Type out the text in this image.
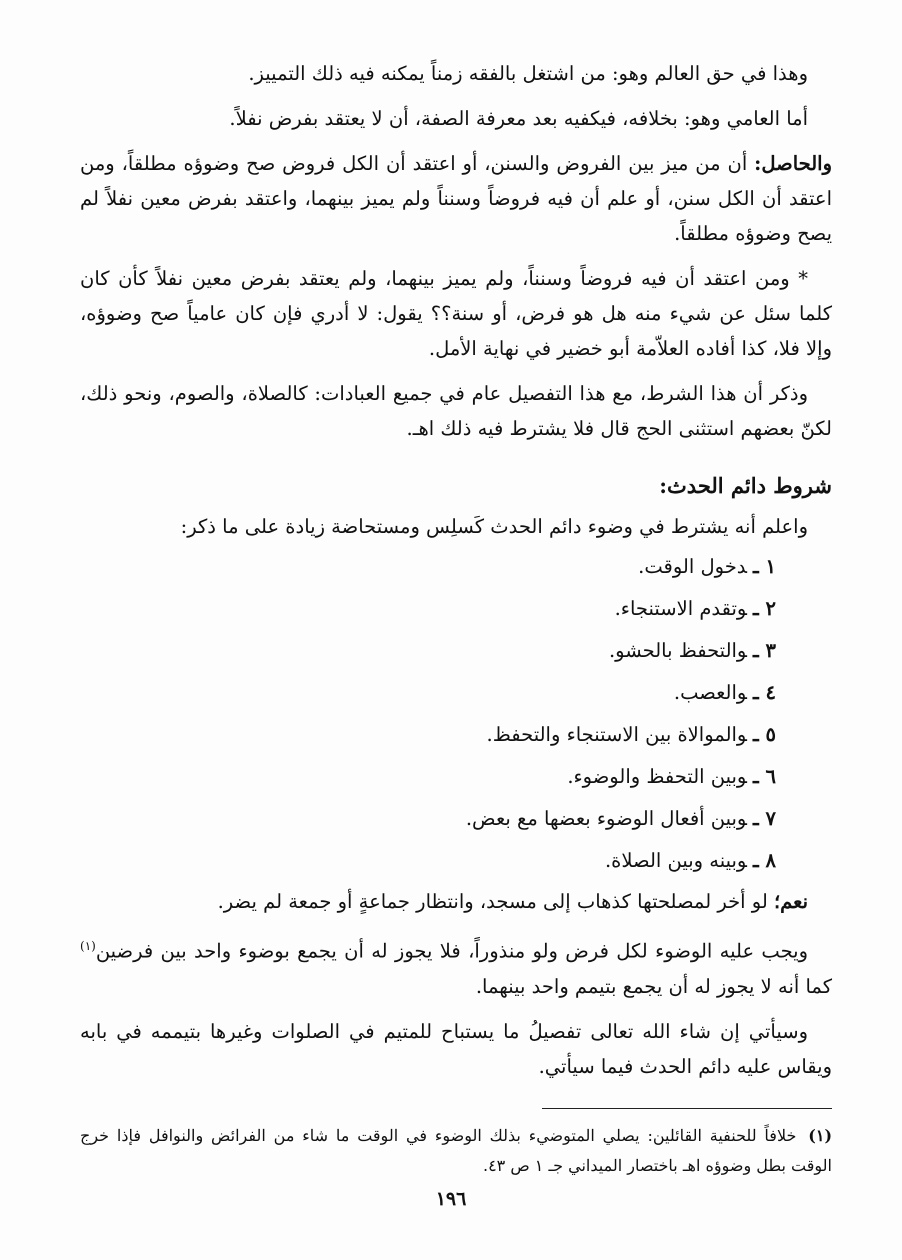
وهذا في حق العالم وهو: من اشتغل بالفقه زمناً يمكنه فيه ذلك التمييز.

أما العامي وهو: بخلافه، فيكفيه بعد معرفة الصفة، أن لا يعتقد بفرض نفلاً.

والحاصل: أن من ميز بين الفروض والسنن، أو اعتقد أن الكل فروض صح وضوؤه مطلقاً، ومن اعتقد أن الكل سنن، أو علم أن فيه فروضاً وسنناً ولم يميز بينهما، واعتقد بفرض معين نفلاً لم يصح وضوؤه مطلقاً.

* ومن اعتقد أن فيه فروضاً وسنناً، ولم يميز بينهما، ولم يعتقد بفرض معين نفلاً كأن كان كلما سئل عن شيء منه هل هو فرض، أو سنة؟؟ يقول: لا أدري فإن كان عامياً صح وضوؤه، وإلا فلا، كذا أفاده العلاّمة أبو خضير في نهاية الأمل.

وذكر أن هذا الشرط، مع هذا التفصيل عام في جميع العبادات: كالصلاة، والصوم، ونحو ذلك، لكنّ بعضهم استثنى الحج قال فلا يشترط فيه ذلك اهـ.

شروط دائم الحدث:

واعلم أنه يشترط في وضوء دائم الحدث كَسلِس ومستحاضة زيادة على ما ذكر:

١ ـدخول الوقت.
٢ ـوتقدم الاستنجاء.
٣ ـوالتحفظ بالحشو.
٤ ـوالعصب.
٥ ـوالموالاة بين الاستنجاء والتحفظ.
٦ ـوبين التحفظ والوضوء.
٧ ـوبين أفعال الوضوء بعضها مع بعض.
٨ ـوبينه وبين الصلاة.

نعم؛ لو أخر لمصلحتها كذهاب إلى مسجد، وانتظار جماعةٍ أو جمعة لم يضر.

ويجب عليه الوضوء لكل فرض ولو منذوراً، فلا يجوز له أن يجمع بوضوء واحد بين فرضين$^{(١)}$ كما أنه لا يجوز له أن يجمع بتيمم واحد بينهما.

وسيأتي إن شاء الله تعالى تفصيلُ ما يستباح للمتيم في الصلوات وغيرها بتيممه في بابه ويقاس عليه دائم الحدث فيما سيأتي.

(١) خلافاً للحنفية القائلين: يصلي المتوضيء بذلك الوضوء في الوقت ما شاء من الفرائض والنوافل فإذا خرج الوقت بطل وضوؤه اهـ باختصار الميداني جـ ١ ص ٤٣.

١٩٦
